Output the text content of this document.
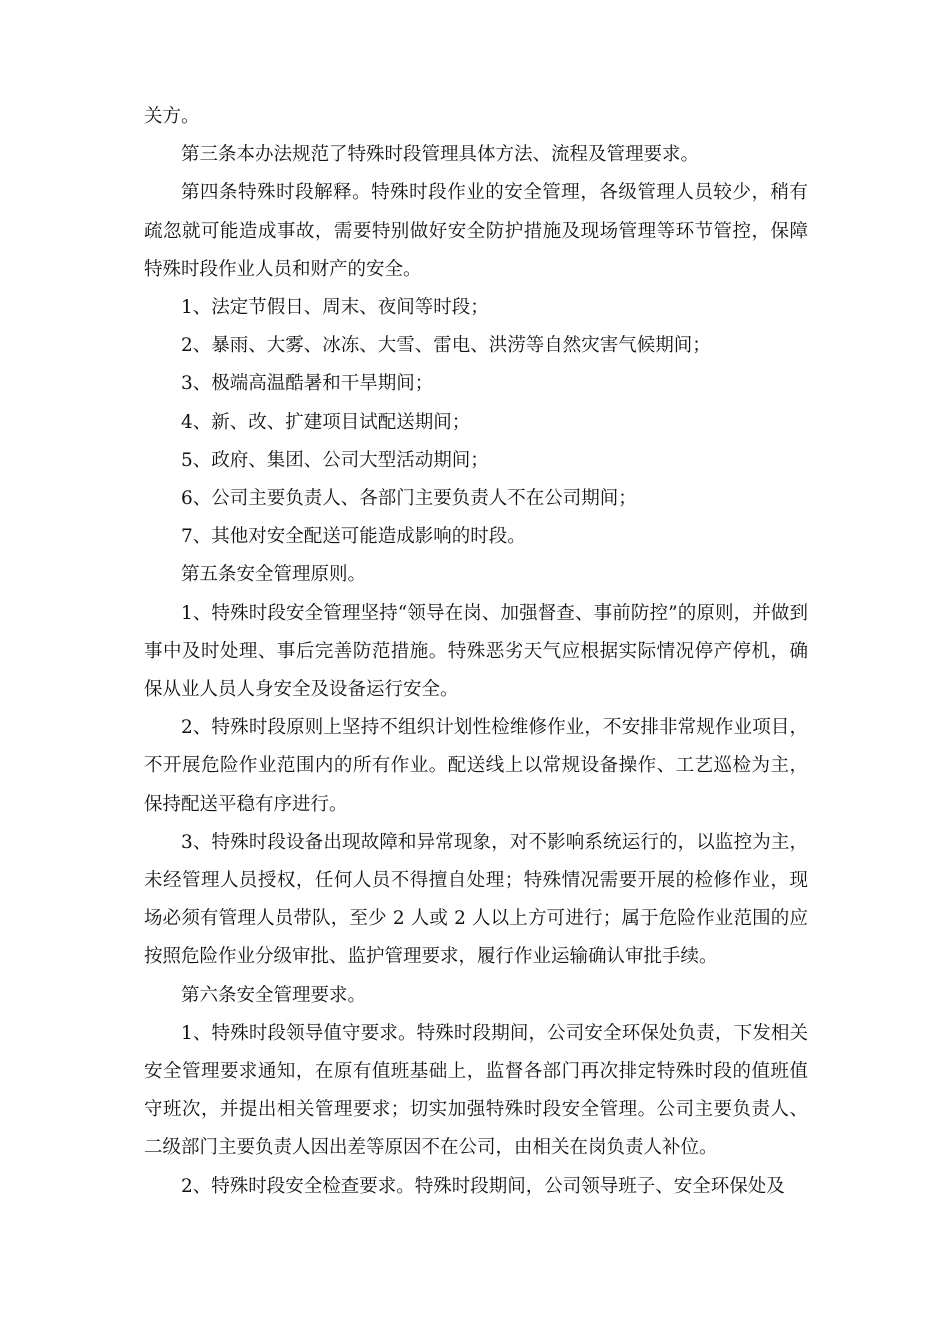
关方。

第三条本办法规范了特殊时段管理具体方法、流程及管理要求。

第四条特殊时段解释。特殊时段作业的安全管理，各级管理人员较少，稍有疏忽就可能造成事故，需要特别做好安全防护措施及现场管理等环节管控，保障特殊时段作业人员和财产的安全。

1、法定节假日、周末、夜间等时段；

2、暴雨、大雾、冰冻、大雪、雷电、洪涝等自然灾害气候期间；

3、极端高温酷暑和干旱期间；

4、新、改、扩建项目试配送期间；

5、政府、集团、公司大型活动期间；

6、公司主要负责人、各部门主要负责人不在公司期间；

7、其他对安全配送可能造成影响的时段。

第五条安全管理原则。

1、特殊时段安全管理坚持“领导在岗、加强督查、事前防控”的原则，并做到事中及时处理、事后完善防范措施。特殊恶劣天气应根据实际情况停产停机，确保从业人员人身安全及设备运行安全。

2、特殊时段原则上坚持不组织计划性检维修作业，不安排非常规作业项目，不开展危险作业范围内的所有作业。配送线上以常规设备操作、工艺巡检为主，保持配送平稳有序进行。

3、特殊时段设备出现故障和异常现象，对不影响系统运行的，以监控为主，未经管理人员授权，任何人员不得擅自处理；特殊情况需要开展的检修作业，现场必须有管理人员带队，至少 2 人或 2 人以上方可进行；属于危险作业范围的应按照危险作业分级审批、监护管理要求，履行作业运输确认审批手续。

第六条安全管理要求。

1、特殊时段领导值守要求。特殊时段期间，公司安全环保处负责，下发相关安全管理要求通知，在原有值班基础上，监督各部门再次排定特殊时段的值班值守班次，并提出相关管理要求；切实加强特殊时段安全管理。公司主要负责人、二级部门主要负责人因出差等原因不在公司，由相关在岗负责人补位。

2、特殊时段安全检查要求。特殊时段期间，公司领导班子、安全环保处及
